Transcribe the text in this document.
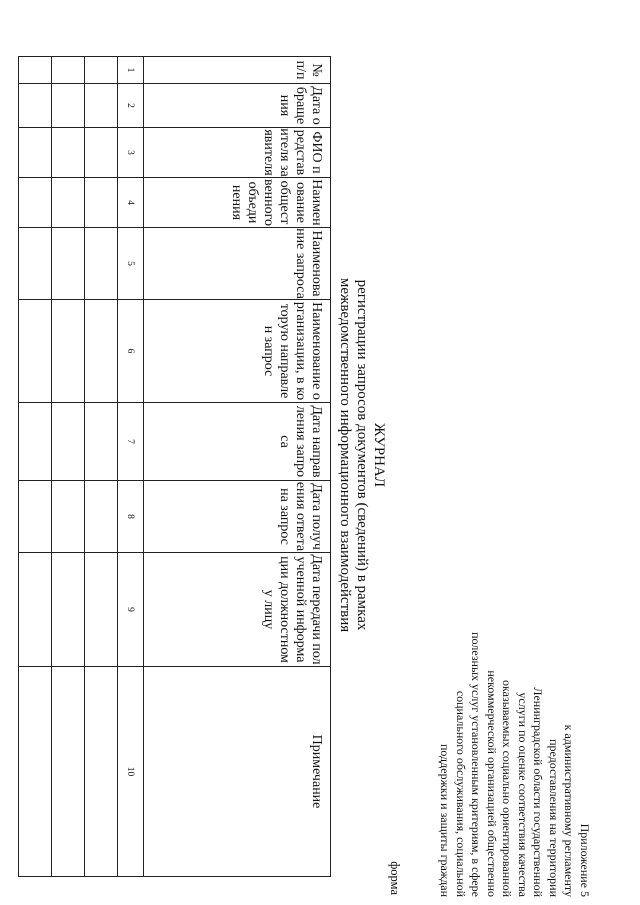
Приложение 5
к административному регламенту
предоставления на территории
Ленинградской области государственной
услуги по оценке соответствия качества
оказываемых социально ориентированной
некоммерческой организацией общественно
полезных услуг установленным критериям, в сфере
социального обслуживания, социальной
поддержки и защиты граждан
форма
ЖУРНАЛ
регистрации запросов документов (сведений) в рамках
межведомственного информационного взаимодействия
№ п/п	Дата обращения	ФИО представителя заявителя	Наименование общественного объединения	Наименование запроса	Наименование организации, в которую направлен запрос	Дата направления запроса	Дата получения ответа на запрос	Дата передачи полученной информации должностному лицу	Примечание
1	2	3	4	5	6	7	8	9	10
